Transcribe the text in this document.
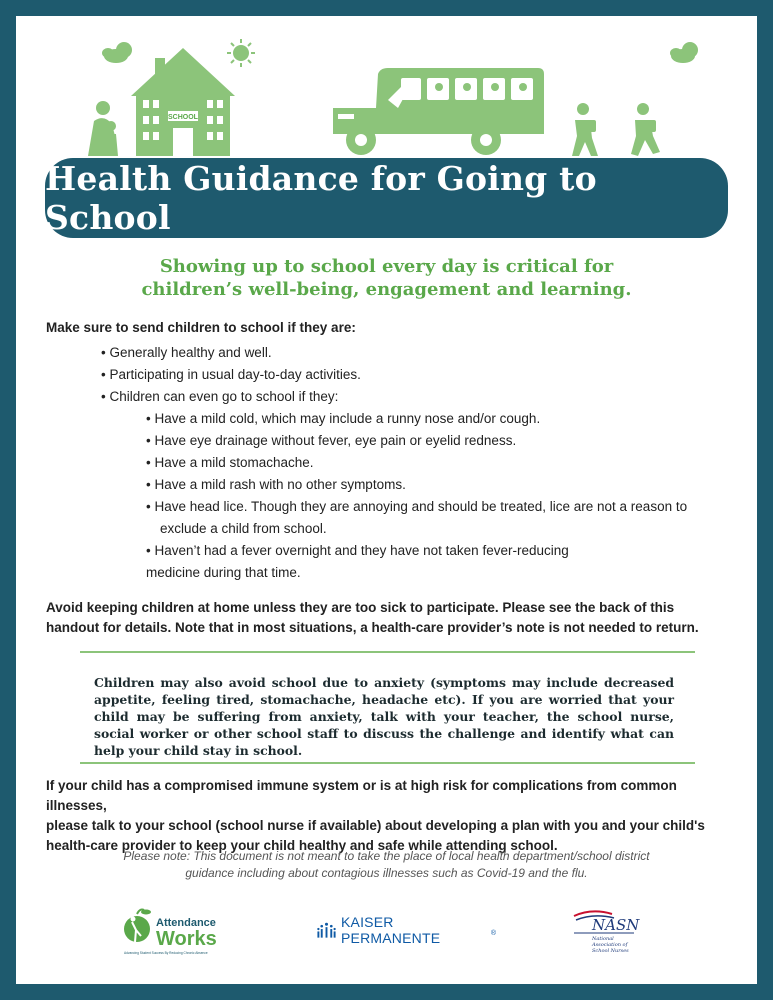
SCHOOL
Health Guidance for Going to School
Showing up to school every day is critical for
children’s well-being, engagement and learning.

Make sure to send children to school if they are:

• Generally healthy and well.
• Participating in usual day-to-day activities.
• Children can even go to school if they:
• Have a mild cold, which may include a runny nose and/or cough.
• Have eye drainage without fever, eye pain or eyelid redness.
• Have a mild stomachache.
• Have a mild rash with no other symptoms.
• Have head lice. Though they are annoying and should be treated, lice are not a reason to
exclude a child from school.
• Haven’t had a fever overnight and they have not taken fever-reducing
medicine during that time.

Avoid keeping children at home unless they are too sick to participate. Please see the back of this

handout for details. Note that in most situations, a health-care provider’s note is not needed to return.

Children may also avoid school due to anxiety (symptoms may include decreased appetite, feeling tired, stomachache, headache etc). If you are worried that your child may be suffering from anxiety, talk with your teacher, the school nurse, social worker or other school staff to discuss the challenge and identify what can help your child stay in school.
If your child has a compromised immune system or is at high risk for complications from common illnesses,
please talk to your school (school nurse if available) about developing a plan with you and your child's
health-care provider to keep your child healthy and safe while attending school.
Please note: This document is not meant to take the place of local health department/school district
guidance including about contagious illnesses such as Covid-19 and the flu.
Attendance
Works
Advancing Student Success By Reducing Chronic Absence
KAISER PERMANENTE	®	NASN
National
Association of
School Nurses
